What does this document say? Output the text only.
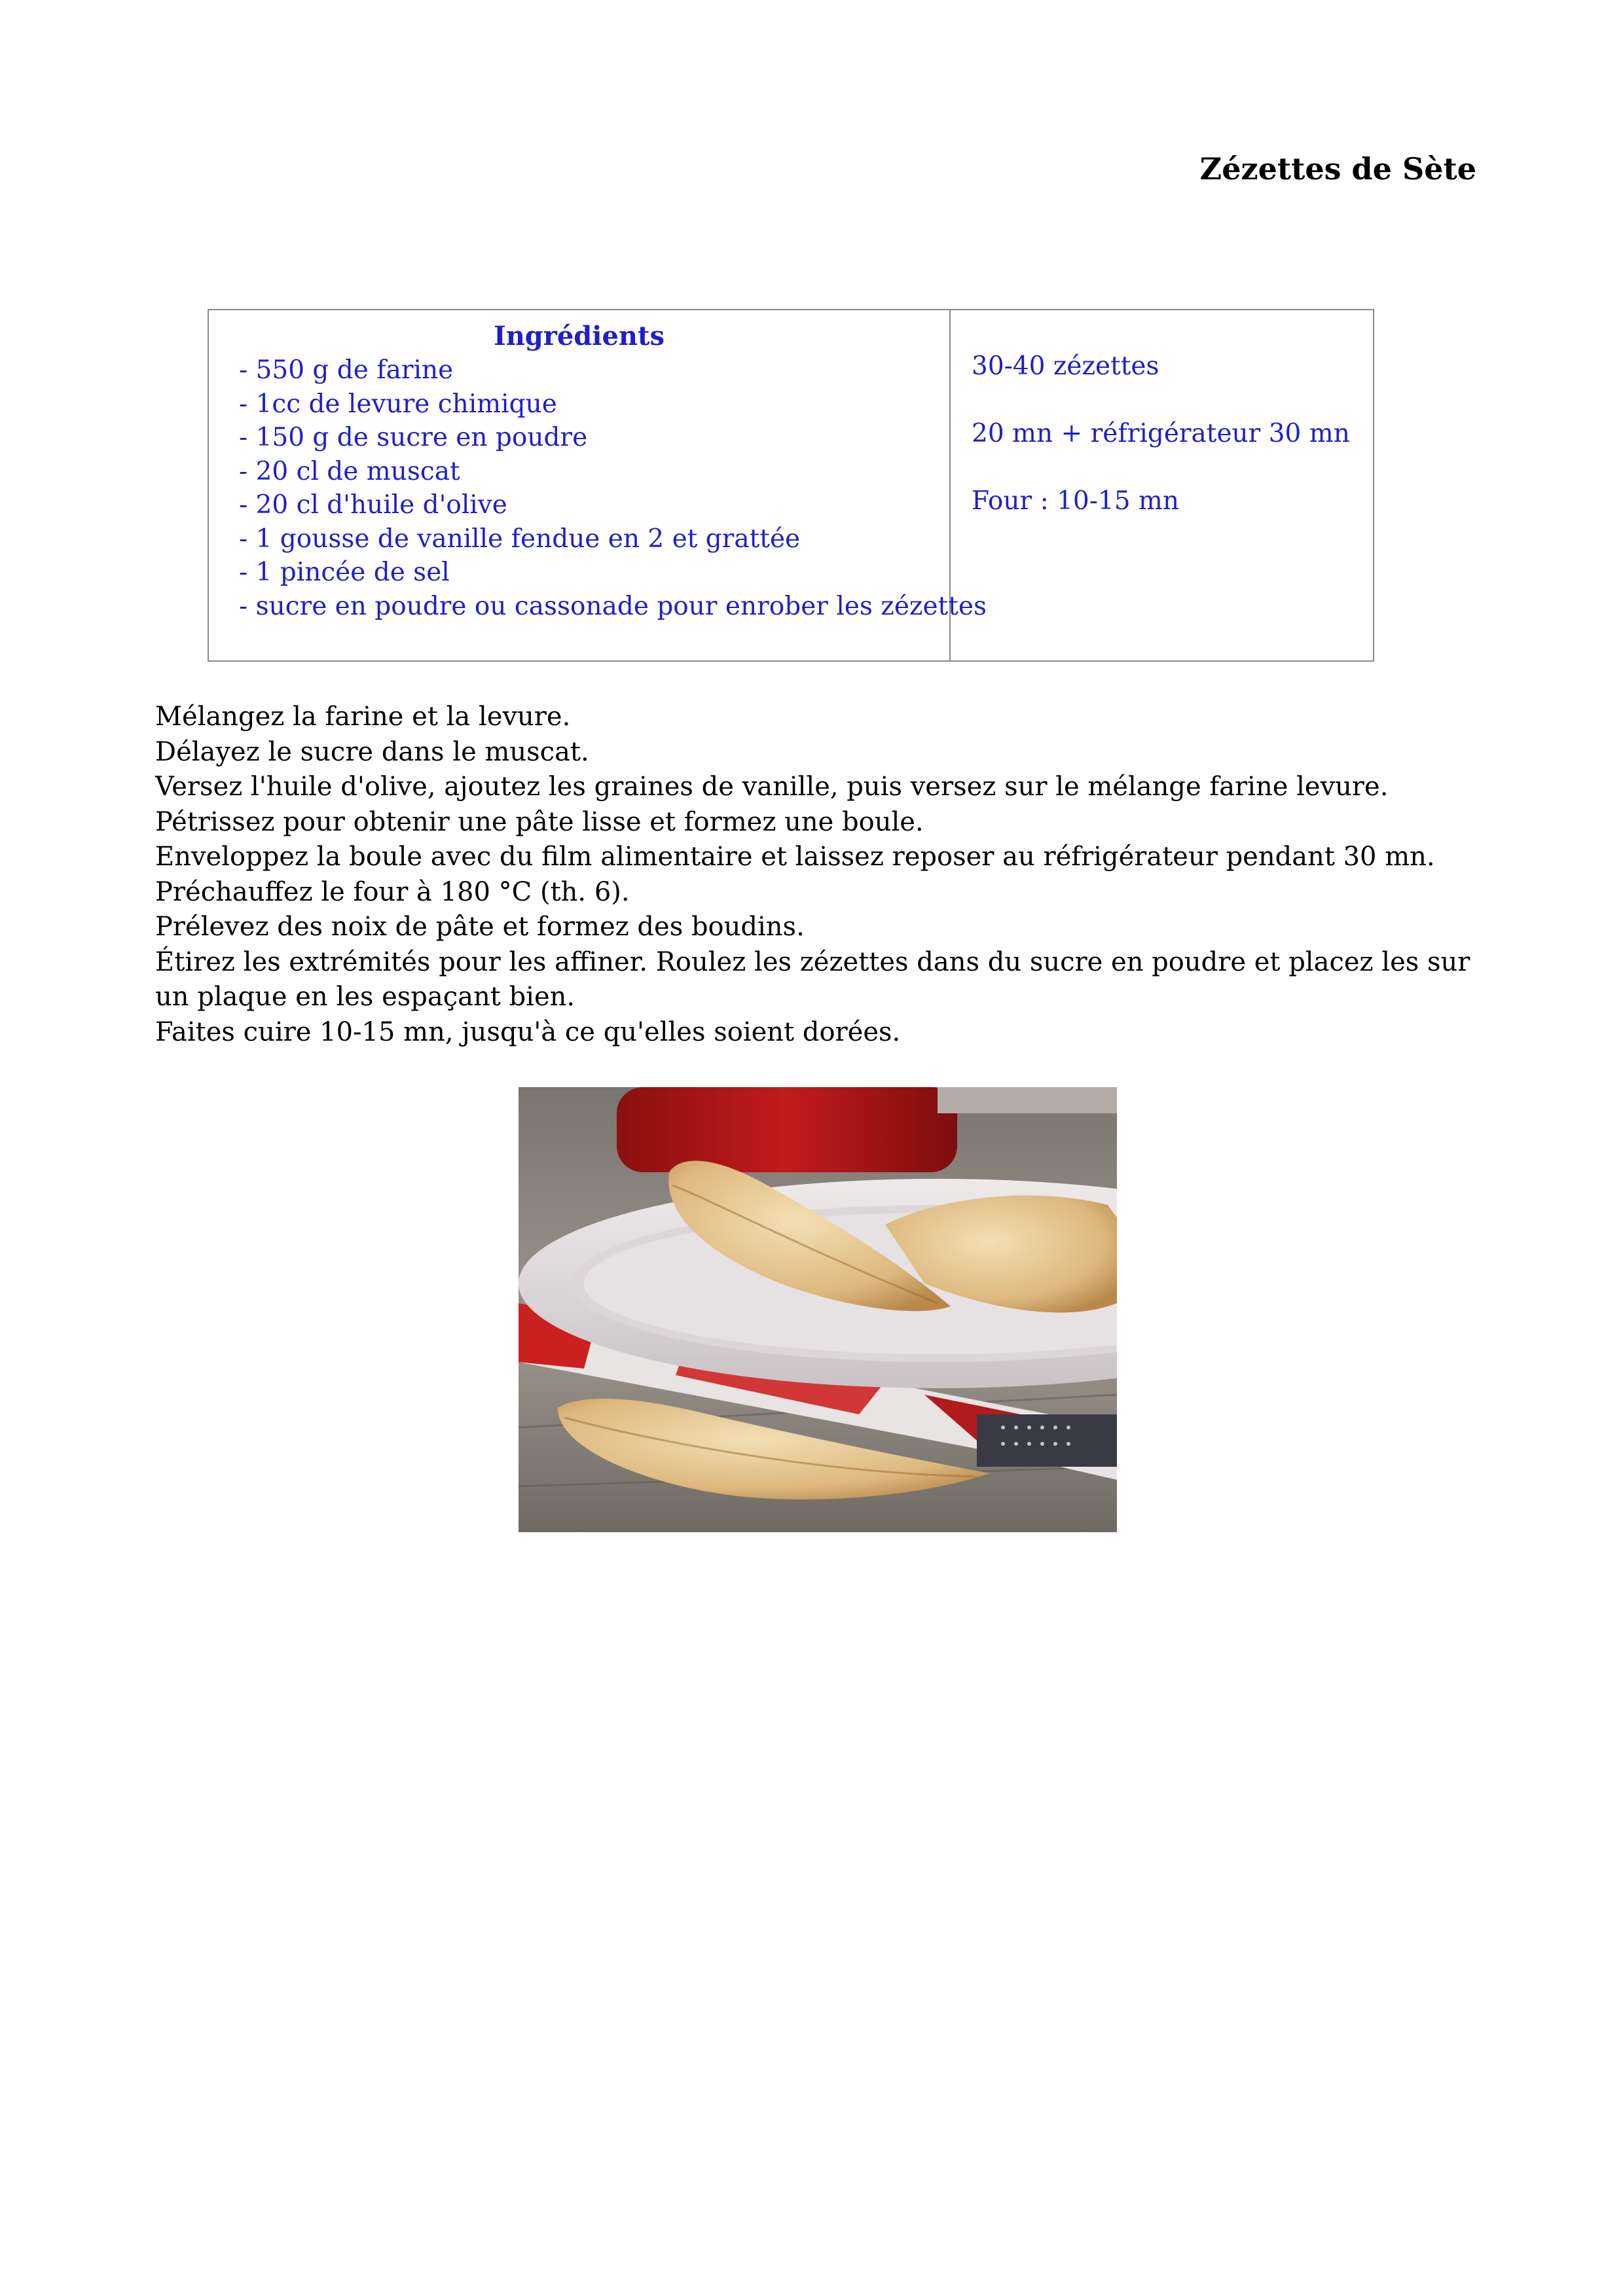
Zézettes de Sète
Ingrédients
- 550 g de farine
- 1cc de levure chimique
- 150 g de sucre en poudre
- 20 cl de muscat
- 20 cl d'huile d'olive
- 1 gousse de vanille fendue en 2 et grattée
- 1 pincée de sel
- sucre en poudre ou cassonade pour enrober les zézettes

30-40 zézettes

20 mn + réfrigérateur 30 mn

Four : 10-15 mn

Mélangez la farine et la levure.

Délayez le sucre dans le muscat.

Versez l'huile d'olive, ajoutez les graines de vanille, puis versez sur le mélange farine levure.

Pétrissez pour obtenir une pâte lisse et formez une boule.

Enveloppez la boule avec du film alimentaire et laissez reposer au réfrigérateur pendant 30 mn.

Préchauffez le four à 180 °C (th. 6).

Prélevez des noix de pâte et formez des boudins.

Étirez les extrémités pour les affiner. Roulez les zézettes dans du sucre en poudre et placez les sur un plaque en les espaçant bien.

Faites cuire 10-15 mn, jusqu'à ce qu'elles soient dorées.
